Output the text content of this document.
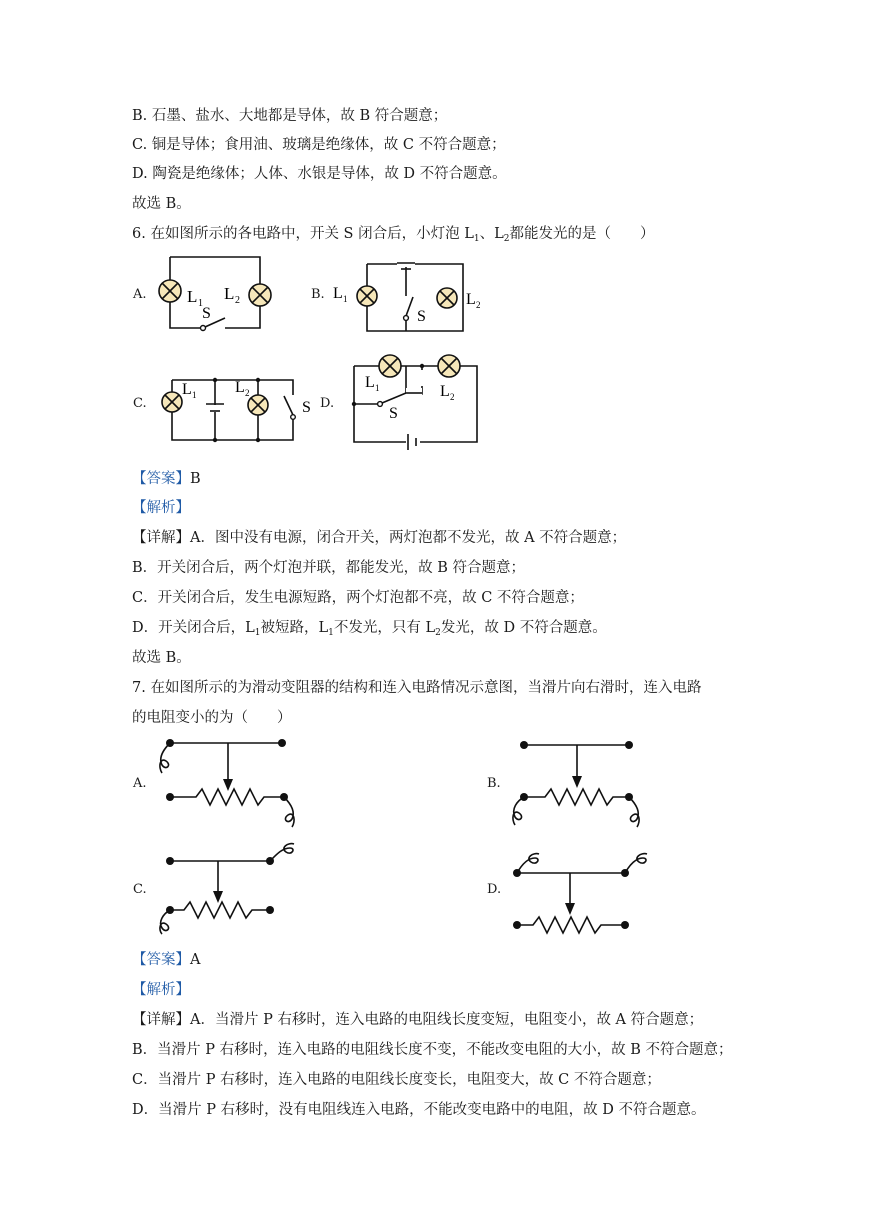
B. 石墨、盐水、大地都是导体，故 B 符合题意；
C. 铜是导体；食用油、玻璃是绝缘体，故 C 不符合题意；
D. 陶瓷是绝缘体；人体、水银是导体，故 D 不符合题意。
故选 B。
6. 在如图所示的各电路中，开关 S 闭合后，小灯泡 $L_1$、$L_2$都能发光的是（　　）
A.	B.
C.	D.
L 1
L 2
S
L 1	L 2
S
L 1 L 2
S
L 1	L 2
S
【答案】B
【解析】
【详解】A．图中没有电源，闭合开关，两灯泡都不发光，故 A 不符合题意；
B．开关闭合后，两个灯泡并联，都能发光，故 B 符合题意；
C．开关闭合后，发生电源短路，两个灯泡都不亮，故 C 不符合题意；
D．开关闭合后，$L_1$被短路，$L_1$不发光，只有 $L_2$发光，故 D 不符合题意。
故选 B。
7. 在如图所示的为滑动变阻器的结构和连入电路情况示意图，当滑片向右滑时，连入电路
的电阻变小的为（　　）
A.	B.
C.	D.
【答案】A
【解析】
【详解】A．当滑片 P 右移时，连入电路的电阻线长度变短，电阻变小，故 A 符合题意；
B．当滑片 P 右移时，连入电路的电阻线长度不变，不能改变电阻的大小，故 B 不符合题意；
C．当滑片 P 右移时，连入电路的电阻线长度变长，电阻变大，故 C 不符合题意；
D．当滑片 P 右移时，没有电阻线连入电路，不能改变电路中的电阻，故 D 不符合题意。
